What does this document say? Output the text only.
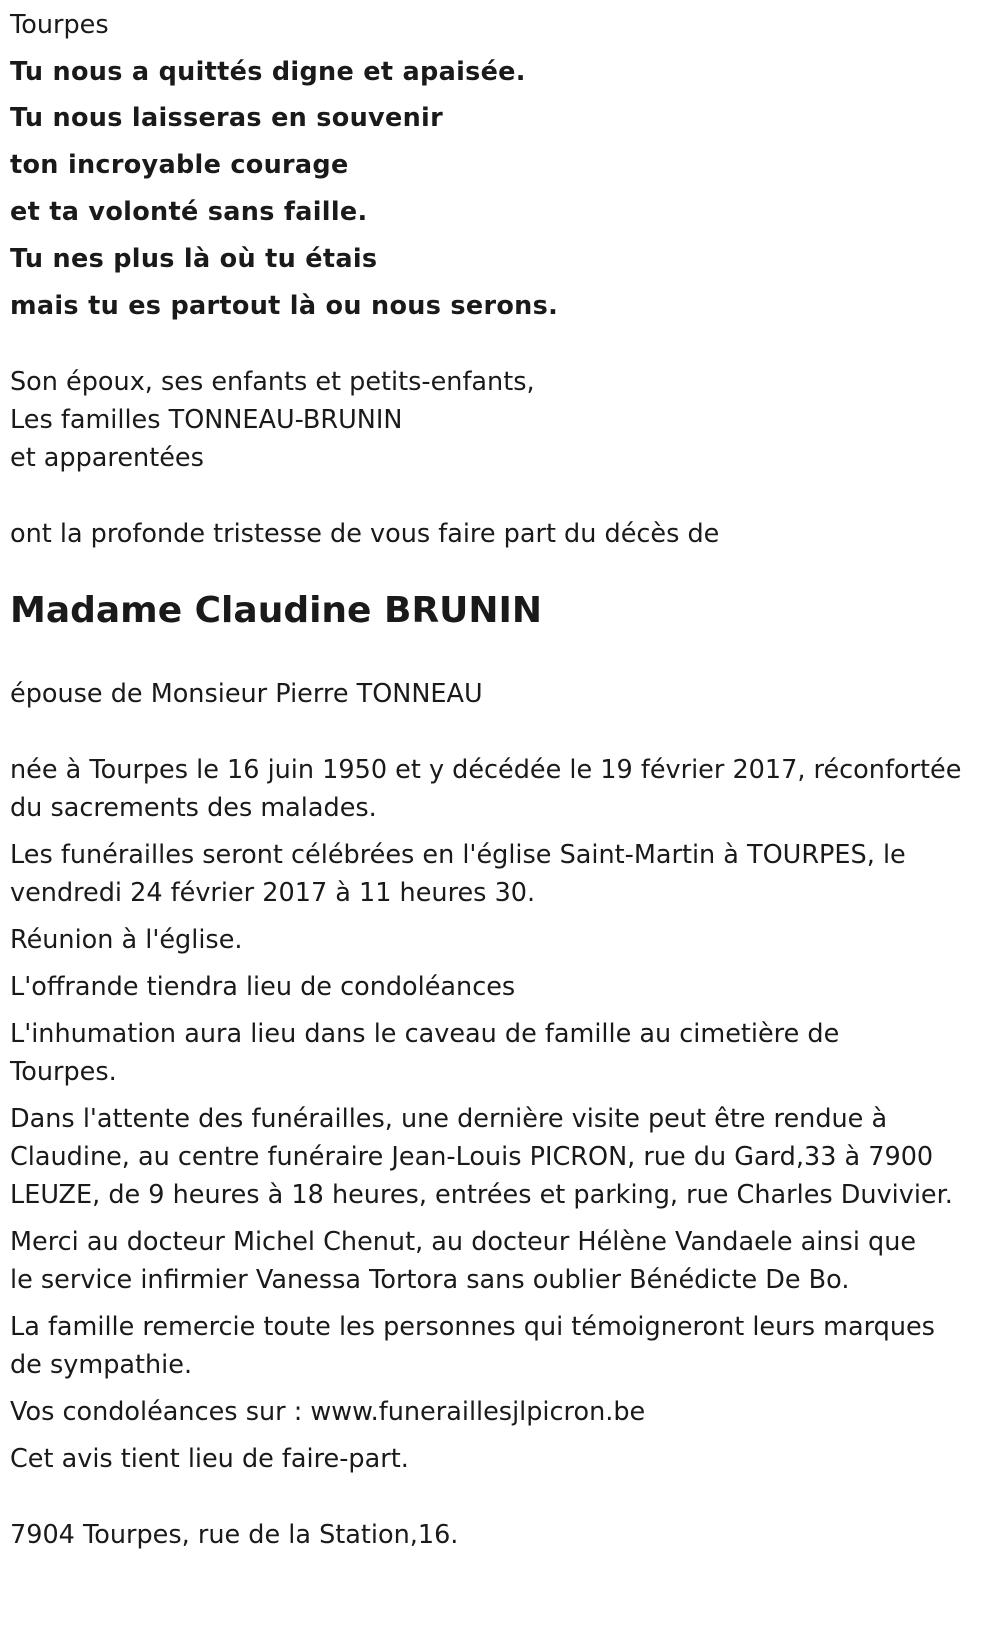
Tourpes
Tu nous a quittés digne et apaisée.
Tu nous laisseras en souvenir
ton incroyable courage
et ta volonté sans faille.
Tu nes plus là où tu étais
mais tu es partout là ou nous serons.
Son époux, ses enfants et petits-enfants,
Les familles TONNEAU-BRUNIN
et apparentées
ont la profonde tristesse de vous faire part du décès de
Madame Claudine BRUNIN
épouse de Monsieur Pierre TONNEAU
née à Tourpes le 16 juin 1950 et y décédée le 19 février 2017, réconfortée
du sacrements des malades.
Les funérailles seront célébrées en l'église Saint-Martin à TOURPES, le
vendredi 24 février 2017 à 11 heures 30.
Réunion à l'église.
L'offrande tiendra lieu de condoléances
L'inhumation aura lieu dans le caveau de famille au cimetière de
Tourpes.
Dans l'attente des funérailles, une dernière visite peut être rendue à
Claudine, au centre funéraire Jean-Louis PICRON, rue du Gard,33 à 7900
LEUZE, de 9 heures à 18 heures, entrées et parking, rue Charles Duvivier.
Merci au docteur Michel Chenut, au docteur Hélène Vandaele ainsi que
le service infirmier Vanessa Tortora sans oublier Bénédicte De Bo.
La famille remercie toute les personnes qui témoigneront leurs marques
de sympathie.
Vos condoléances sur : www.funeraillesjlpicron.be
Cet avis tient lieu de faire-part.
7904 Tourpes, rue de la Station,16.
